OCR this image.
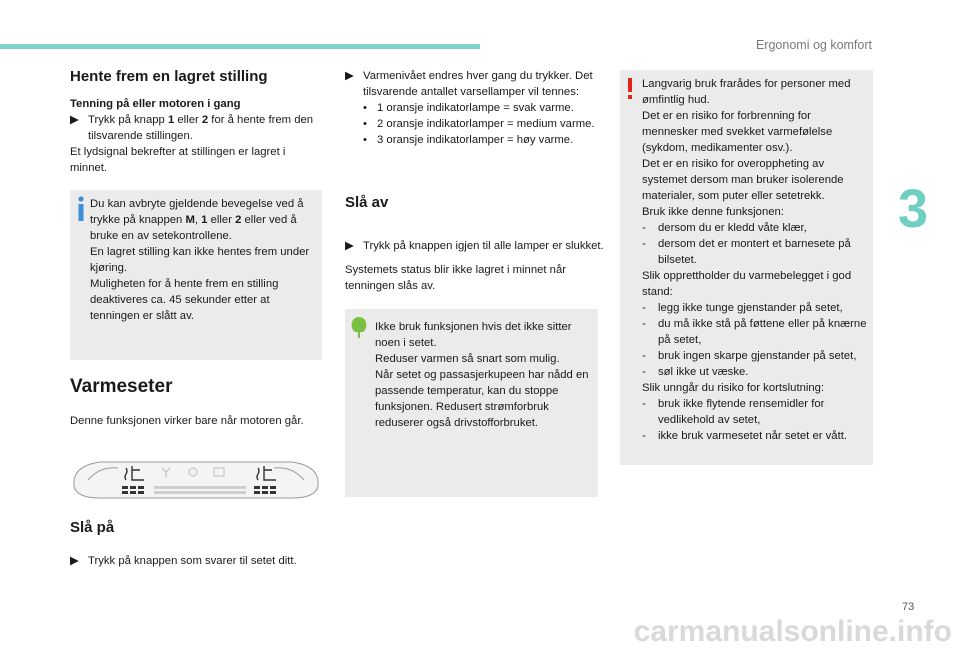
Ergonomi og komfort
3
73
carmanualsonline.info
Hente frem en lagret stilling
Tenning på eller motoren i gang
▶︎ Trykk på knapp 1 eller 2 for å hente frem den tilsvarende stillingen.
Et lydsignal bekrefter at stillingen er lagret i minnet.
Du kan avbryte gjeldende bevegelse ved å trykke på knappen M, 1 eller 2 eller ved å bruke en av setekontrollene.
En lagret stilling kan ikke hentes frem under kjøring.
Muligheten for å hente frem en stilling deaktiveres ca. 45 sekunder etter at tenningen er slått av.
Varmeseter
Denne funksjonen virker bare når motoren går.
Slå på
▶︎ Trykk på knappen som svarer til setet ditt.
▶︎ Varmenivået endres hver gang du trykker. Det tilsvarende antallet varsellamper vil tennes:
• 1 oransje indikatorlampe = svak varme.
• 2 oransje indikatorlamper = medium varme.
• 3 oransje indikatorlamper = høy varme.
Slå av
▶︎ Trykk på knappen igjen til alle lamper er slukket.
Systemets status blir ikke lagret i minnet når tenningen slås av.
Ikke bruk funksjonen hvis det ikke sitter noen i setet.
Reduser varmen så snart som mulig.
Når setet og passasjerkupeen har nådd en passende temperatur, kan du stoppe funksjonen. Redusert strømforbruk reduserer også drivstofforbruket.
Langvarig bruk frarådes for personer med ømfintlig hud.
Det er en risiko for forbrenning for mennesker med svekket varmefølelse (sykdom, medikamenter osv.).
Det er en risiko for overoppheting av systemet dersom man bruker isolerende materialer, som puter eller setetrekk.
Bruk ikke denne funksjonen:
- dersom du er kledd våte klær,
- dersom det er montert et barnesete på bilsetet.
Slik opprettholder du varmebelegget i god stand:
- legg ikke tunge gjenstander på setet,
- du må ikke stå på føttene eller på knærne på setet,
- bruk ingen skarpe gjenstander på setet,
- søl ikke ut væske.
Slik unngår du risiko for kortslutning:
- bruk ikke flytende rensemidler for vedlikehold av setet,
- ikke bruk varmesetet når setet er vått.
